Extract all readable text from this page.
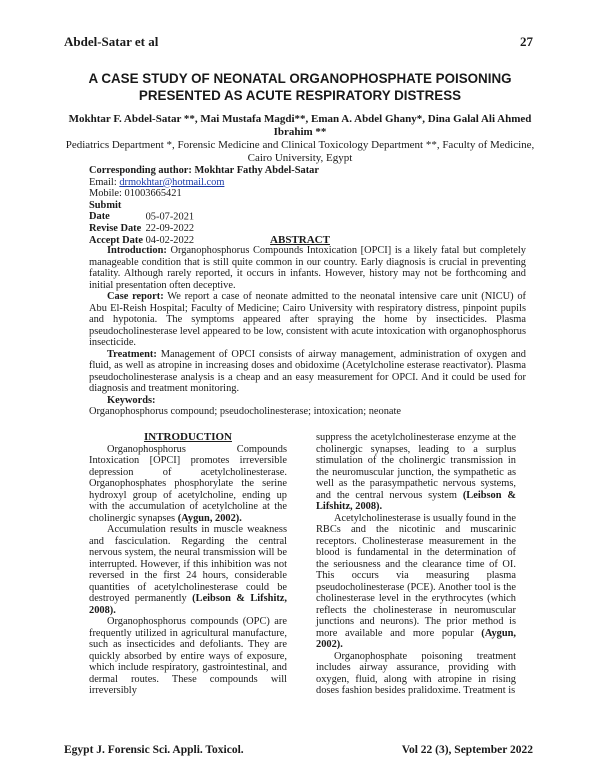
Abdel-Satar et al	27
A CASE STUDY OF NEONATAL ORGANOPHOSPHATE POISONING PRESENTED AS ACUTE RESPIRATORY DISTRESS
Mokhtar F. Abdel-Satar **, Mai Mustafa Magdi**, Eman A. Abdel Ghany*, Dina Galal Ali Ahmed Ibrahim **
Pediatrics Department *, Forensic Medicine and Clinical Toxicology Department **, Faculty of Medicine, Cairo University, Egypt
Corresponding author: Mokhtar Fathy Abdel-Satar
Email: drmokhtar@hotmail.com
Mobile: 01003665421
Submit Date	05-07-2021
Revise Date 22-09-2022
Accept Date 04-02-2022	ABSTRACT

Introduction: Organophosphorus Compounds Intoxication [OPCI] is a likely fatal but completely manageable condition that is still quite common in our country. Early diagnosis is crucial in preventing fatality. Although rarely reported, it occurs in infants. However, history may not be forthcoming and initial presentation often deceptive.

Case report: We report a case of neonate admitted to the neonatal intensive care unit (NICU) of Abu El-Reish Hospital; Faculty of Medicine; Cairo University with respiratory distress, pinpoint pupils and hypotonia. The symptoms appeared after spraying the home by insecticides. Plasma pseudocholinesterase level appeared to be low, consistent with acute intoxication with organophosphorus insecticide.

Treatment: Management of OPCI consists of airway management, administration of oxygen and fluid, as well as atropine in increasing doses and obidoxime (Acetylcholine esterase reactivator). Plasma pseudocholinesterase analysis is a cheap and an easy measurement for OPCI. And it could be used for diagnosis and treatment monitoring.

Keywords:

Organophosphorus compound; pseudocholinesterase; intoxication; neonate

INTRODUCTION

Organophosphorus Compounds Intoxication [OPCI] promotes irreversible depression of acetylcholinesterase. Organophosphates phosphorylate the serine hydroxyl group of acetylcholine, ending up with the accumulation of acetylcholine at the cholinergic synapses (Aygun, 2002).

Accumulation results in muscle weakness and fasciculation. Regarding the central nervous system, the neural transmission will be interrupted. However, if this inhibition was not reversed in the first 24 hours, considerable quantities of acetylcholinesterase could be destroyed permanently (Leibson & Lifshitz, 2008).

Organophosphorus compounds (OPC) are frequently utilized in agricultural manufacture, such as insecticides and defoliants. They are quickly absorbed by entire ways of exposure, which include respiratory, gastrointestinal, and dermal routes. These compounds will irreversibly

suppress the acetylcholinesterase enzyme at the cholinergic synapses, leading to a surplus stimulation of the cholinergic transmission in the neuromuscular junction, the sympathetic as well as the parasympathetic nervous systems, and the central nervous system (Leibson & Lifshitz, 2008).

Acetylcholinesterase is usually found in the RBCs and the nicotinic and muscarinic receptors. Cholinesterase measurement in the blood is fundamental in the determination of the seriousness and the clearance time of OI. This occurs via measuring plasma pseudocholinesterase (PCE). Another tool is the cholinesterase level in the erythrocytes (which reflects the cholinesterase in neuromuscular junctions and neurons). The prior method is more available and more popular (Aygun, 2002).

Organophosphate poisoning treatment includes airway assurance, providing with oxygen, fluid, along with atropine in rising doses fashion besides pralidoxime. Treatment is

Egypt J. Forensic Sci. Appli. Toxicol.	Vol 22 (3), September 2022
